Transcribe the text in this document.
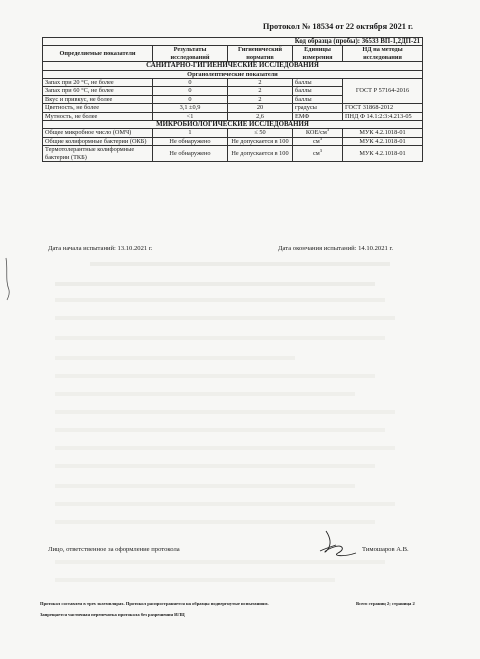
Протокол № 18534 от 22 октября 2021 г.
Код образца (пробы): 36533 ВП-1,2ДП-21				
Определяемые показатели	Результаты исследований	Гигиенический норматив	Единицы измерения	НД на методы исследования
САНИТАРНО-ГИГИЕНИЧЕСКИЕ ИССЛЕДОВАНИЯ				
Органолептические показатели				
Запах при 20 °С, не более	0	2	баллы	ГОСТ Р 57164-2016
Запах при 60 °С, не более	0	2	баллы	
Вкус и привкус, не более	0	2	баллы	
Цветность, не более	3,1 ±0,9	20	градусы	ГОСТ 31868-2012
Мутность, не более	<1	2,6	ЕМФ	ПНД Ф 14.1:2:3:4.213-05
МИКРОБИОЛОГИЧЕСКИЕ ИССЛЕДОВАНИЯ				
Общее микробное число (ОМЧ)	1	≤ 50	КОЕ/$см^3$	МУК 4.2.1018-01
Общие колиформные бактерии (ОКБ)	Не обнаружено	Не допускается в 100	$см^3$	МУК 4.2.1018-01
Термотолерантные колиформные бактерии (ТКБ)	Не обнаружено	Не допускается в 100	$см^3$	МУК 4.2.1018-01
Дата начала испытаний: 13.10.2021 г.	Дата окончания испытаний: 14.10.2021 г.
Лицо, ответственное за оформление протокола	Тимошаров А.В.
Протокол составлен в трех экземплярах. Протокол распространяется на образцы подвергнутые испытаниям.
Запрещается частичная перепечатка протокола без разрешения ИЛЦ
Всего страниц 2; страница 2
